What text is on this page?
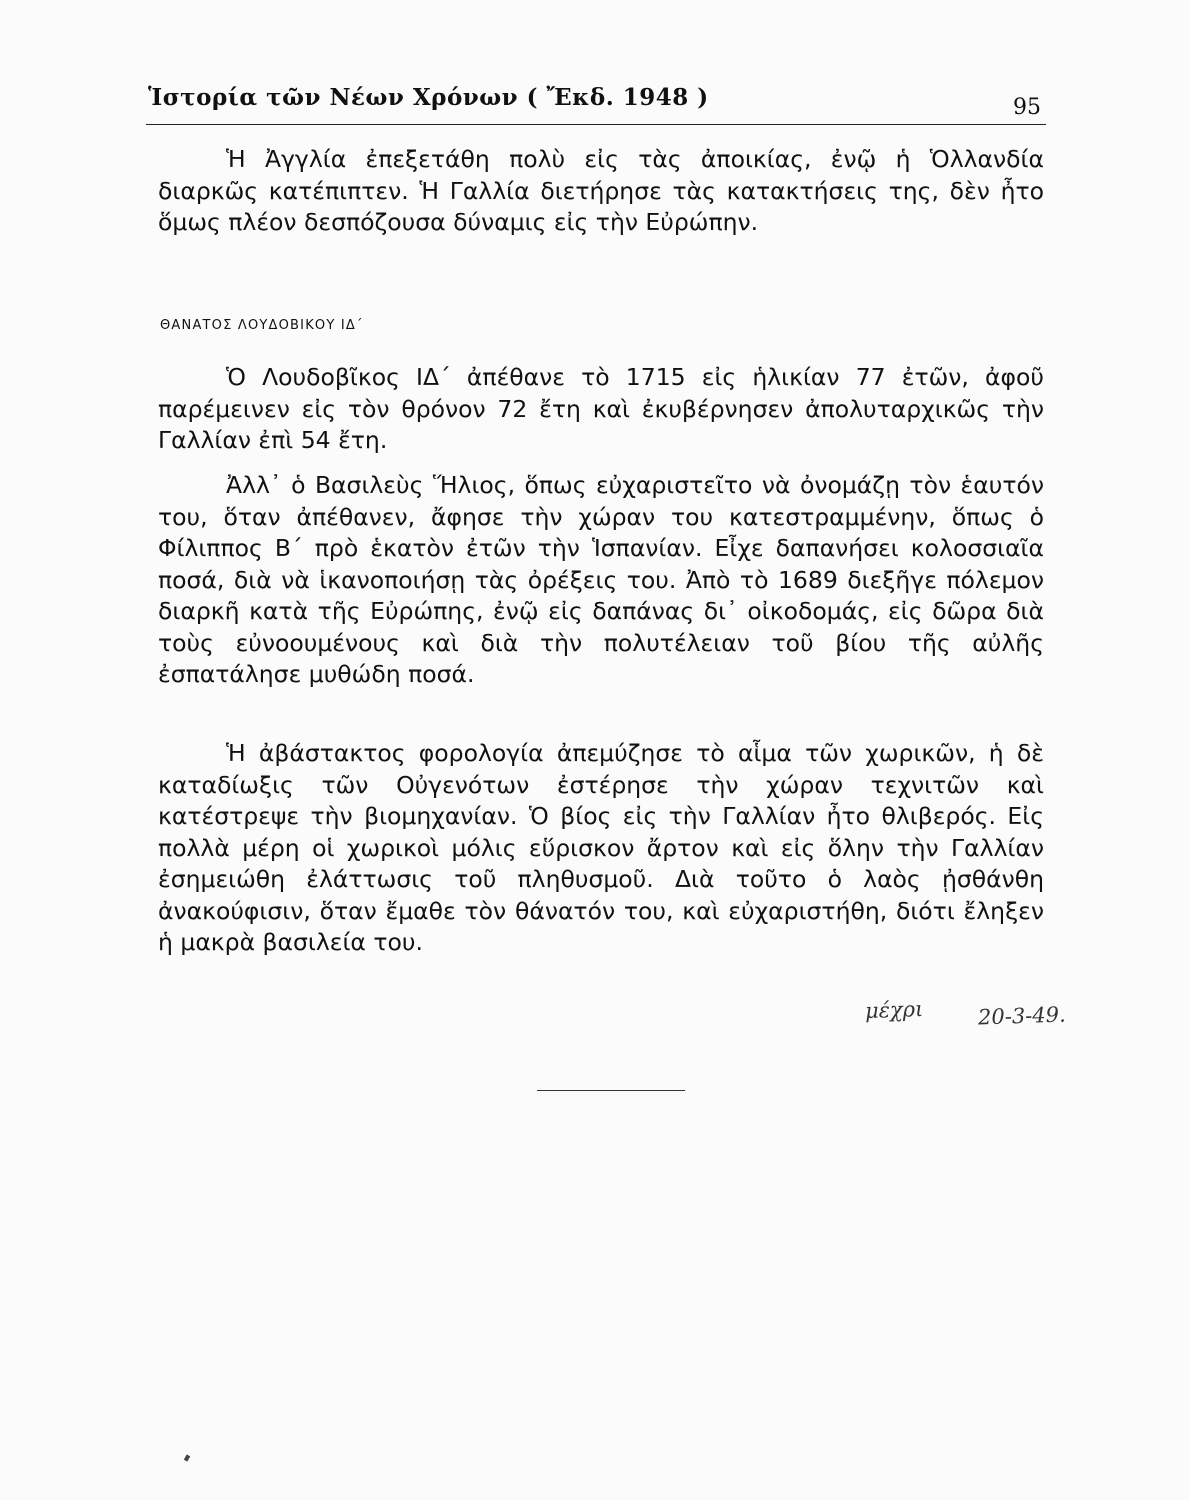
Ἱστορία τῶν Νέων Χρόνων ( Ἔκδ. 1948 )	95

Ἡ Ἀγγλία ἐπεξετάθη πολὺ εἰς τὰς ἀποικίας, ἐνῷ ἡ Ὁλλανδία διαρκῶς κατέπιπτεν. Ἡ Γαλλία διετήρησε τὰς κατακτήσεις της, δὲν ἦτο ὅμως πλέον δεσπόζουσα δύναμις εἰς τὴν Εὐρώπην.

ΘΑΝΑΤΟΣ ΛΟΥΔΟΒΙΚΟΥ ΙΔ΄

Ὁ Λουδοβῖκος ΙΔ΄ ἀπέθανε τὸ 1715 εἰς ἡλικίαν 77 ἐτῶν, ἀφοῦ παρέμεινεν εἰς τὸν θρόνον 72 ἔτη καὶ ἐκυβέρνησεν ἀπολυταρχικῶς τὴν Γαλλίαν ἐπὶ 54 ἔτη.

Ἀλλ᾽ ὁ Βασιλεὺς Ἥλιος, ὅπως εὐχαριστεῖτο νὰ ὀνομάζῃ τὸν ἑαυτόν του, ὅταν ἀπέθανεν, ἄφησε τὴν χώραν του κατεστραμμένην, ὅπως ὁ Φίλιππος Β΄ πρὸ ἑκατὸν ἐτῶν τὴν Ἱσπανίαν. Εἶχε δαπανήσει κολοσσιαῖα ποσά, διὰ νὰ ἱκανοποιήσῃ τὰς ὀρέξεις του. Ἀπὸ τὸ 1689 διεξῆγε πόλεμον διαρκῆ κατὰ τῆς Εὐρώπης, ἐνῷ εἰς δαπάνας δι᾽ οἰκοδομάς, εἰς δῶρα διὰ τοὺς εὐνοουμένους καὶ διὰ τὴν πολυτέλειαν τοῦ βίου τῆς αὐλῆς ἐσπατάλησε μυθώδη ποσά.

Ἡ ἀβάστακτος φορολογία ἀπεμύζησε τὸ αἷμα τῶν χωρικῶν, ἡ δὲ καταδίωξις τῶν Οὐγενότων ἐστέρησε τὴν χώραν τεχνιτῶν καὶ κατέστρεψε τὴν βιομηχανίαν. Ὁ βίος εἰς τὴν Γαλλίαν ἦτο θλιβερός. Εἰς πολλὰ μέρη οἱ χωρικοὶ μόλις εὕρισκον ἄρτον καὶ εἰς ὅλην τὴν Γαλλίαν ἐσημειώθη ἐλάττωσις τοῦ πληθυσμοῦ. Διὰ τοῦτο ὁ λαὸς ᾐσθάνθη ἀνακούφισιν, ὅταν ἔμαθε τὸν θάνατόν του, καὶ εὐχαριστήθη, διότι ἔληξεν ἡ μακρὰ βασιλεία του.

μέχρι	20-3-49.
